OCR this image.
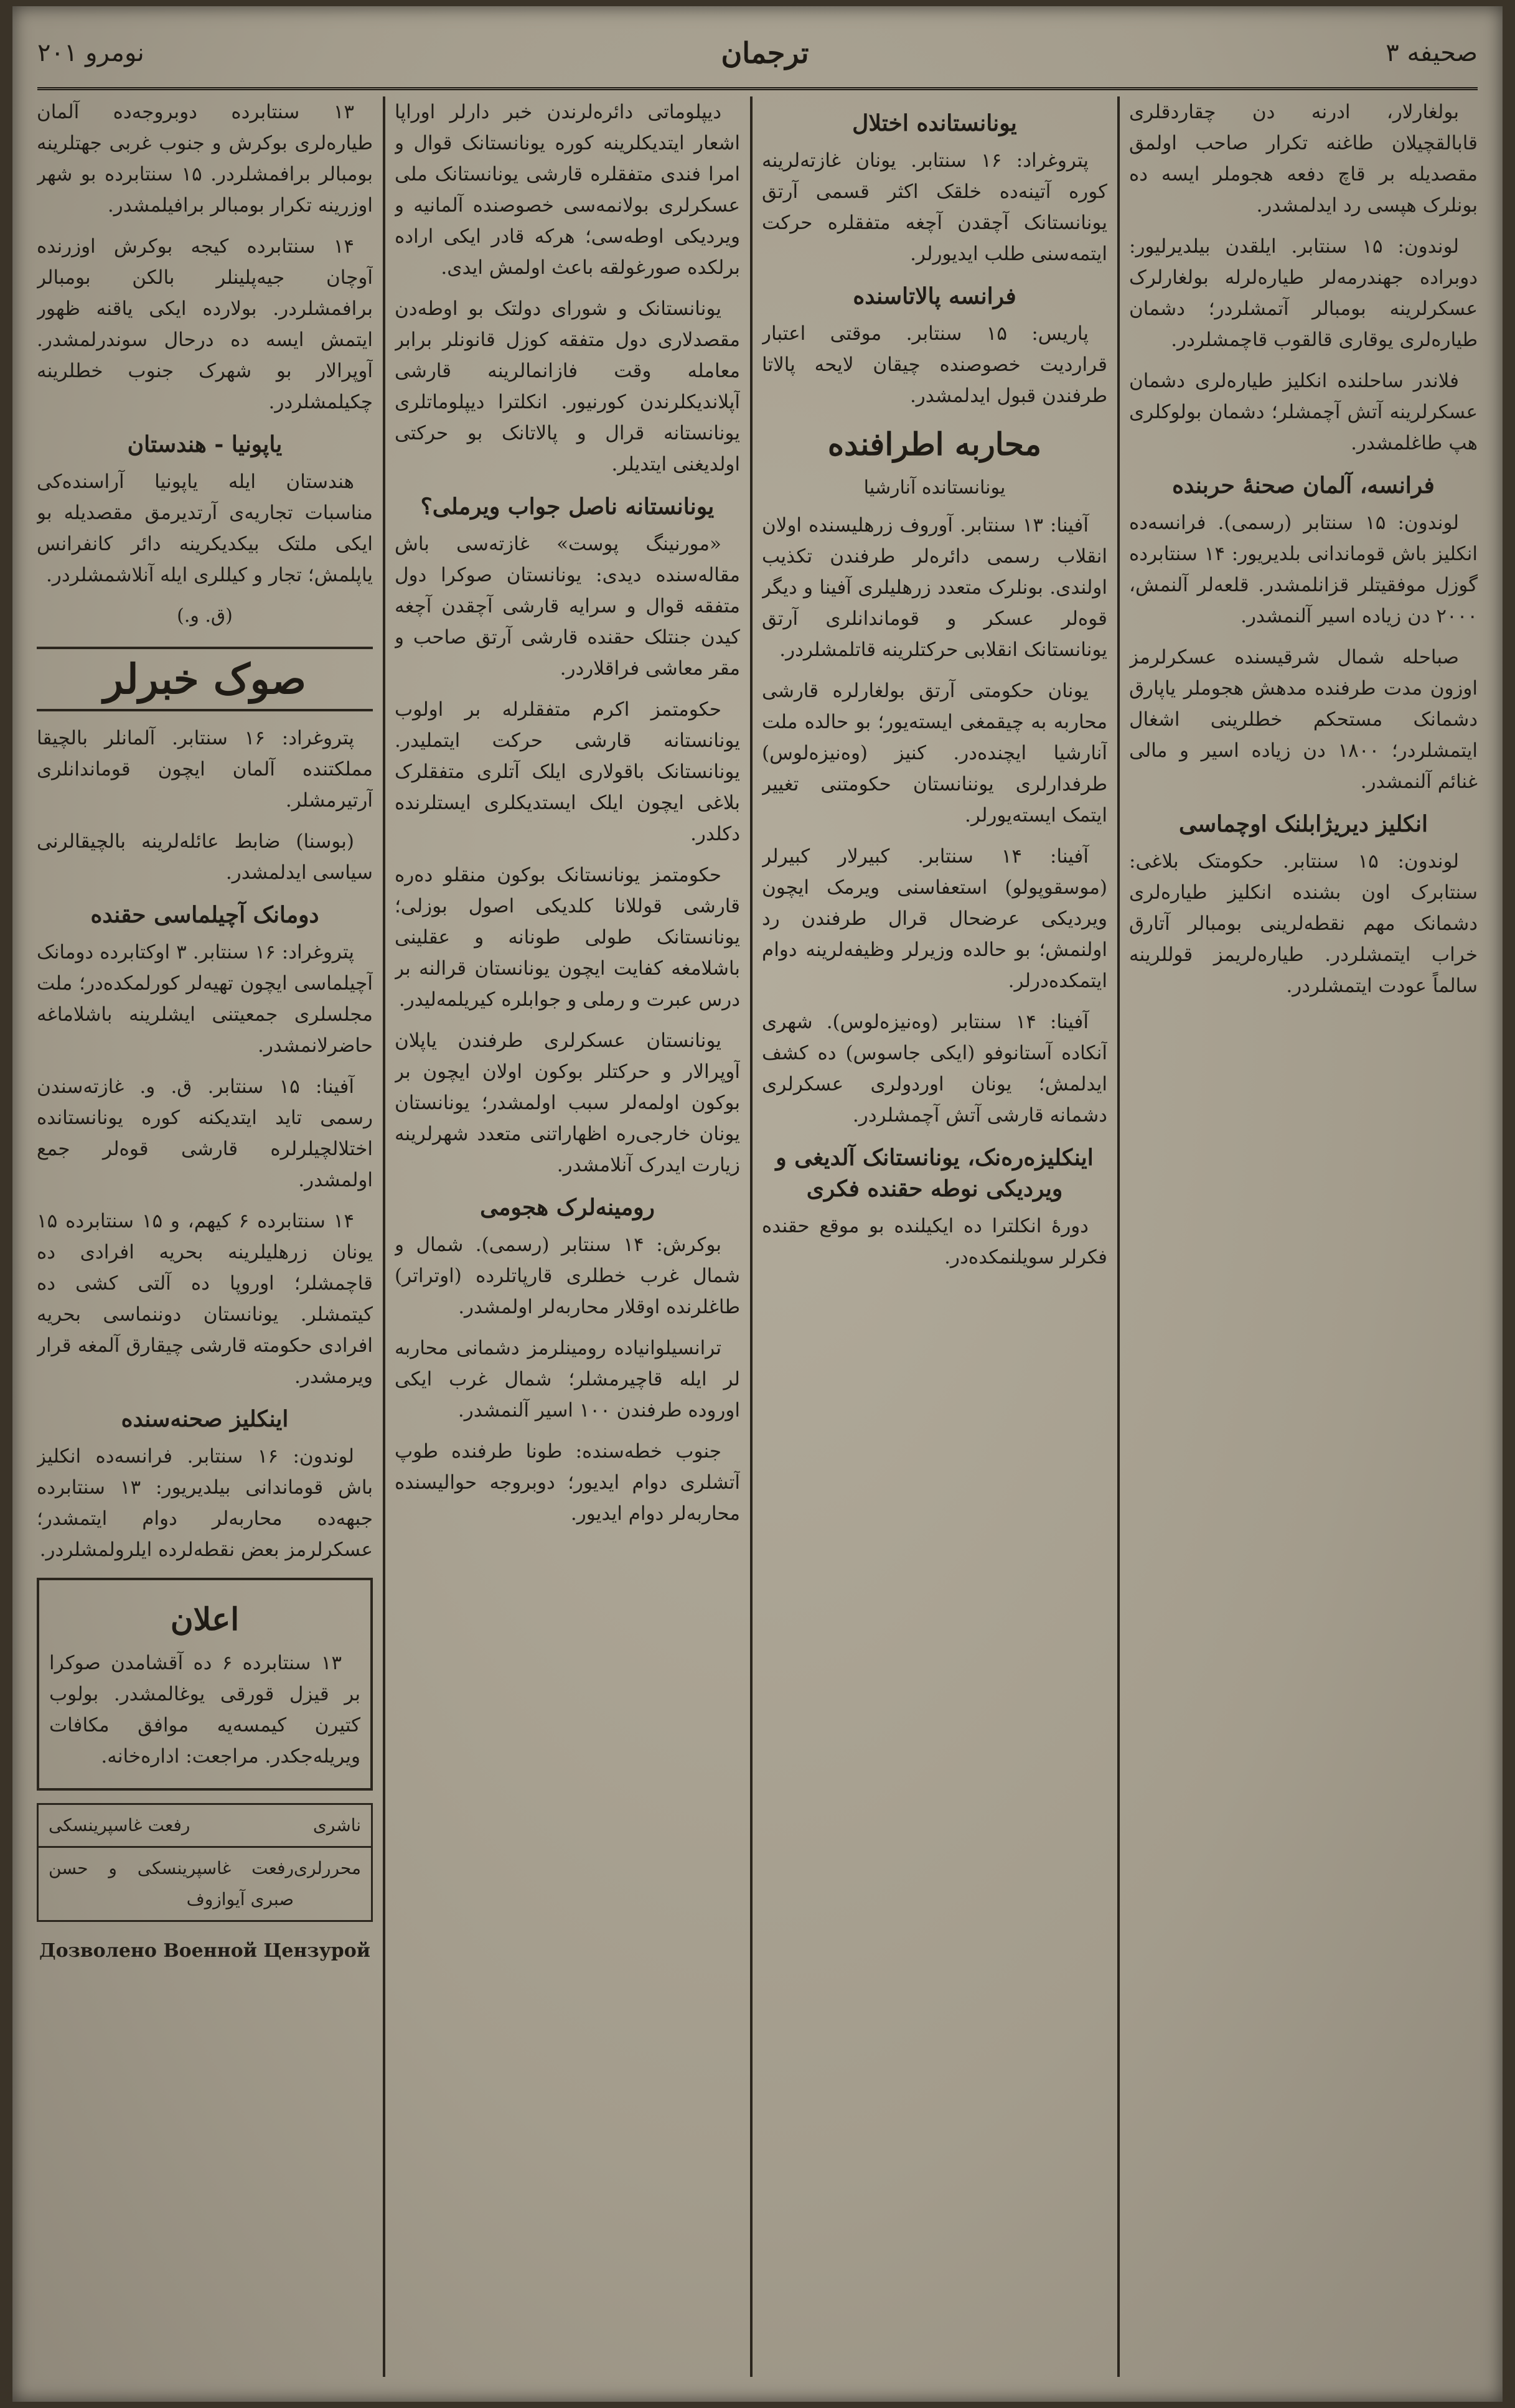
صحیفه ۳
ترجمان
نومرو ۲۰۱

بولغارلار، ادرنه دن چقاردقلری قابالقچیلان طاغنه تکرار صاحب اولمق مقصدیله بر قاچ دفعه هجوملر ایسه ده بونلرک هپسی رد ایدلمشدر.

لوندون: ۱۵ سنتابر. ایلقدن بیلدیرلیور: دوبراده جهندرمه‌لر طیاره‌لرله بولغارلرک عسکرلرینه بومبالر آتمشلردر؛ دشمان طیاره‌لری یوقاری قالقوب قاچمشلردر.

فلاندر ساحلنده انکلیز طیاره‌لری دشمان عسکرلرینه آتش آچمشلر؛ دشمان بولوکلری هپ طاغلمشدر.

فرانسه، آلمان صحنهٔ حربنده

لوندون: ۱۵ سنتابر (رسمی). فرانسه‌ده انکلیز باش قوماندانی بلدیریور: ۱۴ سنتابرده گوزل موفقیتلر قزانلمشدر. قلعه‌لر آلنمش، ۲۰۰۰ دن زیاده اسیر آلنمشدر.

صباحله شمال شرقیسنده عسکرلرمز اوزون مدت طرفنده مدهش هجوملر یاپارق دشمانک مستحکم خطلرینی اشغال ایتمشلردر؛ ۱۸۰۰ دن زیاده اسیر و مالی غنائم آلنمشدر.

انکلیز دیریژابلنک اوچماسی

لوندون: ۱۵ سنتابر. حکومتک بلاغی: سنتابرک اون بشنده انکلیز طیاره‌لری دشمانک مهم نقطه‌لرینی بومبالر آتارق خراب ایتمشلردر. طیاره‌لریمز قوللرینه سالماً عودت ایتمشلردر.

یونانستانده اختلال

پتروغراد: ۱۶ سنتابر. یونان غازته‌لرینه کوره آتینه‌ده خلقک اکثر قسمی آرتق یونانستانک آچقدن آچغه متفقلره حرکت ایتمه‌سنی طلب ایدیورلر.

فرانسه پالاتاسنده

پاریس: ۱۵ سنتابر. موقتی اعتبار قراردیت خصوصنده چیقان لایحه پالاتا طرفندن قبول ایدلمشدر.

محاربه اطرافنده
یونانستانده آنارشیا

آفینا: ۱۳ سنتابر. آوروف زرهلیسنده اولان انقلاب رسمی دائره‌لر طرفندن تکذیب اولندی. بونلرک متعدد زرهلیلری آفینا و دیگر قوه‌لر عسکر و قوماندانلری آرتق یونانستانک انقلابی حرکتلرینه قاتلمشلردر.

یونان حکومتی آرتق بولغارلره قارشی محاربه به چیقمغی ایسته‌یور؛ بو حالده ملت آنارشیا ایچنده‌در. کنیز (وه‌نیزه‌لوس) طرفدارلری یوننانستان حکومتنی تغییر ایتمک ایسته‌یورلر.

آفینا: ۱۴ سنتابر. کبیرلار کبیرلر (موسقوپولو) استعفاسنی ویرمک ایچون ویردیکی عرضحال قرال طرفندن رد اولنمش؛ بو حالده وزیرلر وظیفه‌لرینه دوام ایتمکده‌درلر.

آفینا: ۱۴ سنتابر (وه‌نیزه‌لوس). شهری آنکاده آستانوفو (ایکی جاسوس) ده کشف ایدلمش؛ یونان اوردولری عسکرلری دشمانه قارشی آتش آچمشلردر.

اینکلیزه‌ره‌نک، یونانستانک آلدیغی و ویردیکی نوطه حقنده فکری

دورهٔ انکلترا ده ایکیلنده بو موقع حقنده فکرلر سویلنمکده‌در.

دیپلوماتی دائره‌لرندن خبر دارلر اوراپا اشعار ایتدیکلرینه کوره یونانستانک قوال و امرا فندی متفقلره قارشی یونانستانک ملی عسکرلری بولانمه‌سی خصوصنده آلمانیه و ویردیکی اوطه‌سی؛ هرکه قادر ایکی اراده برلکده صورغولقه باعث اولمش ایدی.

یونانستانک و شورای دولتک بو اوطه‌دن مقصدلاری دول متفقه کوزل قانونلر برابر معامله وقت فازانمالرینه قارشی آپلاندیکلرندن کورنیور. انکلترا دیپلوماتلری یونانستانه قرال و پالاتانک بو حرکتی اولدیغنی ایتدیلر.

یونانستانه ناصل جواب ویرملی؟

«مورنینگ پوست» غازته‌سی باش مقاله‌سنده دیدی: یونانستان صوکرا دول متفقه قوال و سرایه قارشی آچقدن آچغه کیدن جنتلک حقنده قارشی آرتق صاحب و مقر معاشی فراقلاردر.

حکومتمز اکرم متفقلرله بر اولوب یونانستانه قارشی حرکت ایتملیدر. یونانستانک باقولاری ایلک آتلری متفقلرک بلاغی ایچون ایلک ایستدیکلری ایستلرنده دکلدر.

حکومتمز یونانستانک بوکون منقلو ده‌ره قارشی قوللانا کلدیکی اصول بوزلی؛ یونانستانک طولی طونانه و عقلینی باشلامغه کفایت ایچون یونانستان قرالنه بر درس عبرت و رملی و جوابلره کیریلمه‌لیدر.

یونانستان عسکرلری طرفندن یاپلان آوپرالار و حرکتلر بوکون اولان ایچون بر بوکون اولمه‌لر سبب اولمشدر؛ یونانستان یونان خارجی‌ره اظهاراتنی متعدد شهرلرینه زیارت ایدرک آنلامشدر.

رومینه‌لرک هجومی

بوکرش: ۱۴ سنتابر (رسمی). شمال و شمال غرب خطلری قارپاتلرده (اوتراتر) طاغلرنده اوقلار محاربه‌لر اولمشدر.

ترانسیلوانیاده رومینلرمز دشمانی محاربه لر ایله قاچیرمشلر؛ شمال غرب ایکی اوروده طرفندن ۱۰۰ اسیر آلنمشدر.

جنوب خطه‌سنده: طونا طرفنده طوپ آتشلری دوام ایدیور؛ دوبروجه حوالیسنده محاربه‌لر دوام ایدیور.

۱۳ سنتابرده دوبروجه‌ده آلمان طیاره‌لری بوکرش و جنوب غربی جهتلرینه بومبالر برافمشلردر. ۱۵ سنتابرده بو شهر اوزرینه تکرار بومبالر برافیلمشدر.

۱۴ سنتابرده کیجه بوکرش اوزرنده آوچان جیه‌پلینلر بالکن بومبالر برافمشلردر. بولارده ایکی یاقنه ظهور ایتمش ایسه ده درحال سوندرلمشدر. آوپرالار بو شهرک جنوب خطلرینه چکیلمشلردر.

یاپونیا - هندستان

هندستان ایله یاپونیا آراسنده‌کی مناسبات تجاریه‌ی آرتدیرمق مقصدیله بو ایکی ملتک بیکدیکرینه دائر کانفرانس یاپلمش؛ تجار و کیللری ایله آنلاشمشلردر.

(ق. و.)
صوک خبرلر

پتروغراد: ۱۶ سنتابر. آلمانلر بالچیقا مملکتنده آلمان ایچون قوماندانلری آرتیرمشلر.

(بوسنا) ضابط عائله‌لرینه بالچیقالرنی سیاسی ایدلمشدر.

دومانک آچیلماسی حقنده

پتروغراد: ۱۶ سنتابر. ۳ اوکتابرده دومانک آچیلماسی ایچون تهیه‌لر کورلمکده‌در؛ ملت مجلسلری جمعیتنی ایشلرینه باشلاماغه حاضرلانمشدر.

آفینا: ۱۵ سنتابر. ق. و. غازته‌سندن رسمی تاید ایتدیکنه کوره یونانستانده اختلالچیلرلره قارشی قوه‌لر جمع اولمشدر.

۱۴ سنتابرده ۶ کیهم، و ۱۵ سنتابرده ۱۵ یونان زرهلیلرینه بحریه افرادی ده قاچمشلر؛ اوروپا ده آلتی کشی ده کیتمشلر. یونانستان دوننماسی بحریه افرادی حکومته قارشی چیقارق آلمغه قرار ویرمشدر.

اینکلیز صحنه‌سنده

لوندون: ۱۶ سنتابر. فرانسه‌ده انکلیز باش قوماندانی بیلدیریور: ۱۳ سنتابرده جبهه‌ده محاربه‌لر دوام ایتمشدر؛ عسکرلرمز بعض نقطه‌لرده ایلرولمشلردر.

اعلان

۱۳ سنتابرده ۶ ده آقشامدن صوکرا بر قیزل قورقی یوغالمشدر. بولوب کتیرن کیمسه‌یه موافق مکافات ویریله‌جکدر. مراجعت: اداره‌خانه.

ناشری
رفعت غاسپرینسکی
محررلری
رفعت غاسپرینسکی و حسن صبری آیوازوف
Дозволено Военной Цензурой
